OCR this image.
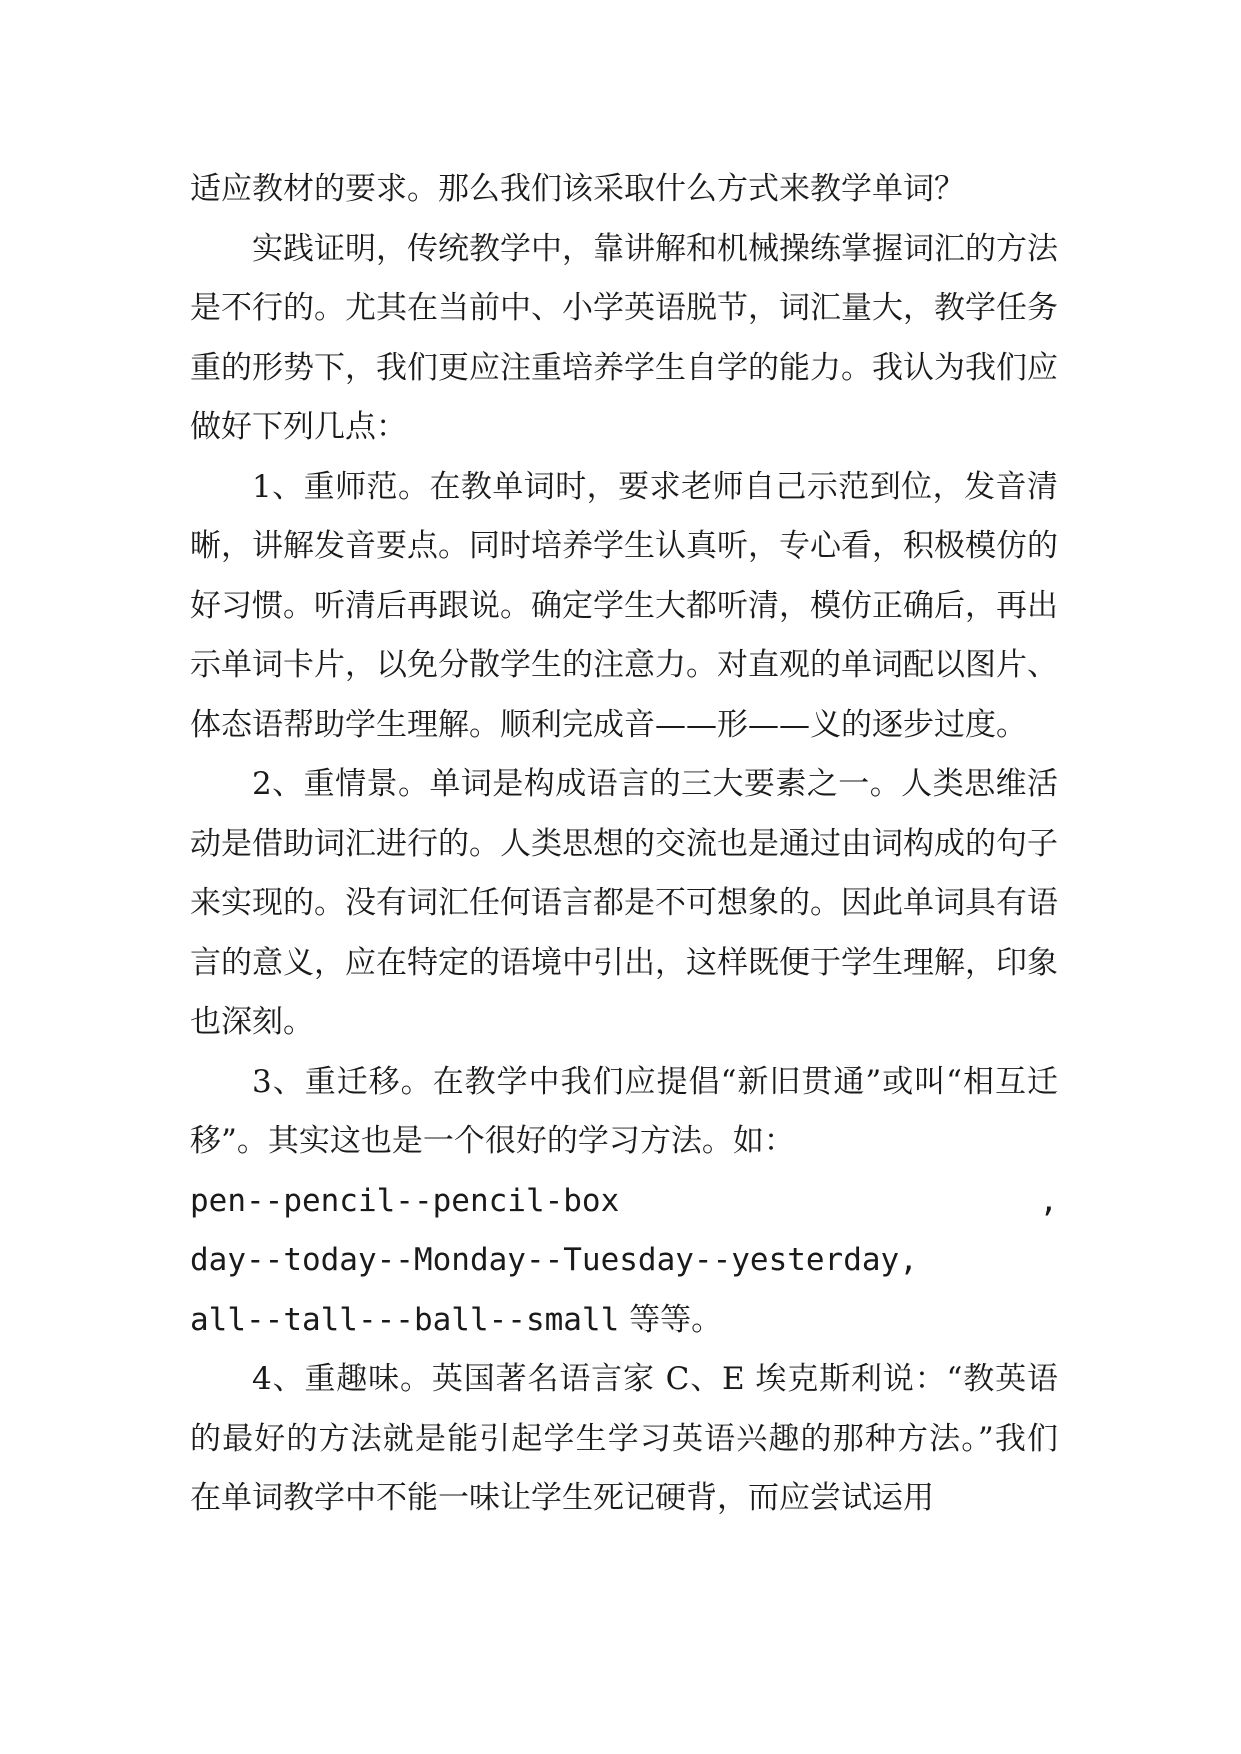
适应教材的要求。那么我们该采取什么方式来教学单词？

实践证明，传统教学中，靠讲解和机械操练掌握词汇的方法是不行的。尤其在当前中、小学英语脱节，词汇量大，教学任务重的形势下，我们更应注重培养学生自学的能力。我认为我们应做好下列几点：

1、重师范。在教单词时，要求老师自己示范到位，发音清晰，讲解发音要点。同时培养学生认真听，专心看，积极模仿的好习惯。听清后再跟说。确定学生大都听清，模仿正确后，再出示单词卡片，以免分散学生的注意力。对直观的单词配以图片、体态语帮助学生理解。顺利完成音——形——义的逐步过度。

2、重情景。单词是构成语言的三大要素之一。人类思维活动是借助词汇进行的。人类思想的交流也是通过由词构成的句子来实现的。没有词汇任何语言都是不可想象的。因此单词具有语言的意义，应在特定的语境中引出，这样既便于学生理解，印象也深刻。

3、重迁移。在教学中我们应提倡“新旧贯通”或叫“相互迁移”。其实这也是一个很好的学习方法。如：
pen--pencil--pencil-box	,
day--today--Monday--Tuesday--yesterday,
all--tall---ball--small 等等。

4、重趣味。英国著名语言家 C、E 埃克斯利说：“教英语的最好的方法就是能引起学生学习英语兴趣的那种方法。”我们在单词教学中不能一味让学生死记硬背，而应尝试运用
